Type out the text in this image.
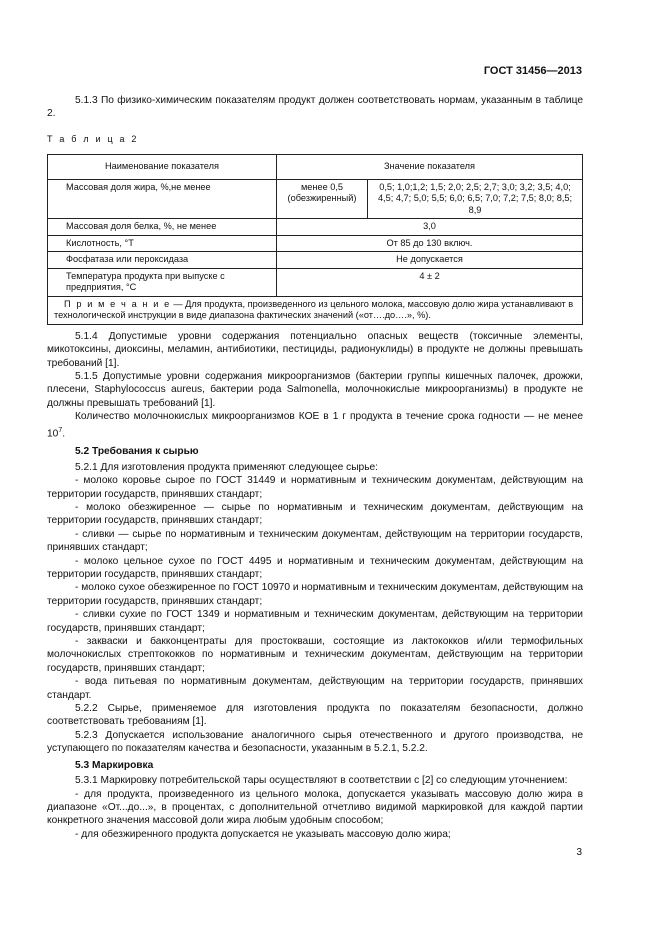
ГОСТ 31456—2013

5.1.3 По физико-химическим показателям продукт должен соответствовать нормам, указанным в таблице 2.

Т а б л и ц а 2

Наименование показателя	Значение показателя	
Массовая доля жира, %,не менее	менее 0,5 (обезжиренный)	0,5; 1,0;1,2; 1,5; 2,0; 2,5; 2,7; 3,0; 3,2; 3,5; 4,0; 4,5; 4,7; 5,0; 5,5; 6,0; 6,5; 7,0; 7,2; 7,5; 8,0; 8,5; 8,9
Массовая доля белка, %, не менее	3,0	
Кислотность, °Т	От 85 до 130 включ.	
Фосфатаза или пероксидаза	Не допускается	
Температура продукта при выпуске с предприятия, °С	4 ± 2	
П р и м е ч а н и е — Для продукта, произведенного из цельного молока, массовую долю жира устанавливают в технологической инструкции в виде диапазона фактических значений («от….до….», %).		

5.1.4 Допустимые уровни содержания потенциально опасных веществ (токсичные элементы, микотоксины, диоксины, меламин, антибиотики, пестициды, радионуклиды) в продукте не должны превышать требований [1].

5.1.5 Допустимые уровни содержания микроорганизмов (бактерии группы кишечных палочек, дрожжи, плесени, Staphylococcus aureus, бактерии рода Salmonella, молочнокислые микроорганизмы) в продукте не должны превышать требований [1].

Количество молочнокислых микроорганизмов КОЕ в 1 г продукта в течение срока годности — не менее $10^7$.

5.2 Требования к сырью

5.2.1 Для изготовления продукта применяют следующее сырье:

- молоко коровье сырое по ГОСТ 31449 и нормативным и техническим документам, действующим на территории государств, принявших стандарт;

- молоко обезжиренное — сырье по нормативным и техническим документам, действующим на территории государств, принявших стандарт;

- сливки — сырье по нормативным и техническим документам, действующим на территории государств, принявших стандарт;

- молоко цельное сухое по ГОСТ 4495 и нормативным и техническим документам, действующим на территории государств, принявших стандарт;

- молоко сухое обезжиренное по ГОСТ 10970 и нормативным и техническим документам, действующим на территории государств, принявших стандарт;

- сливки сухие по ГОСТ 1349 и нормативным и техническим документам, действующим на территории государств, принявших стандарт;

- закваски и бакконцентраты для простокваши, состоящие из лактококков и/или термофильных молочнокислых стрептококков по нормативным и техническим документам, действующим на территории государств, принявших стандарт;

- вода питьевая по нормативным документам, действующим на территории государств, принявших стандарт.

5.2.2 Сырье, применяемое для изготовления продукта по показателям безопасности, должно соответствовать требованиям [1].

5.2.3 Допускается использование аналогичного сырья отечественного и другого производства, не уступающего по показателям качества и безопасности, указанным в 5.2.1, 5.2.2.

5.3 Маркировка

5.3.1 Маркировку потребительской тары осуществляют в соответствии с [2] со следующим уточнением:

- для продукта, произведенного из цельного молока, допускается указывать массовую долю жира в диапазоне «От...до...», в процентах, с дополнительной отчетливо видимой маркировкой для каждой партии конкретного значения массовой доли жира любым удобным способом;

- для обезжиренного продукта допускается не указывать массовую долю жира;

3
